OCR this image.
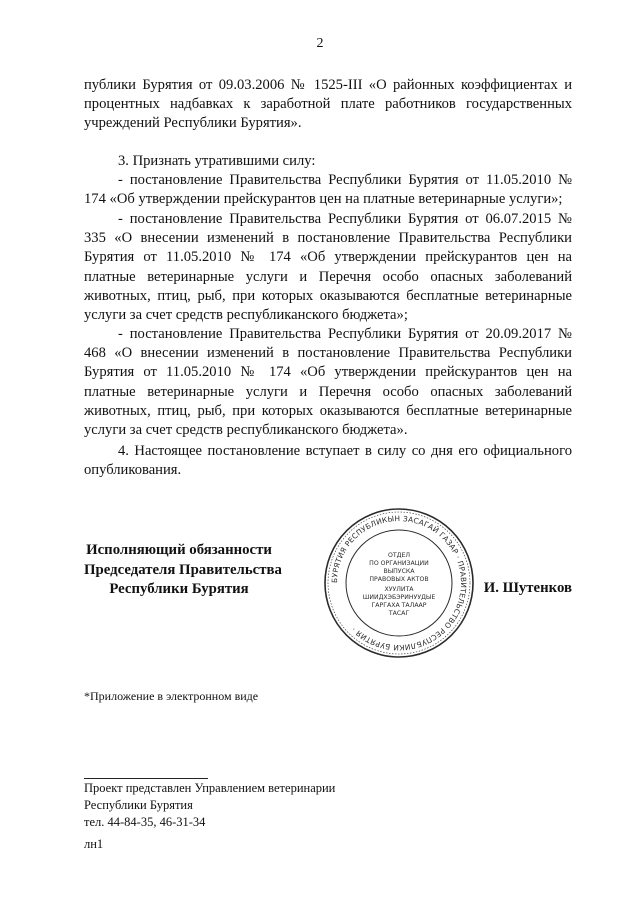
2

публики Бурятия от 09.03.2006 № 1525-III «О районных коэффициентах и процентных надбавках к заработной плате работников государственных учреждений Республики Бурятия».

3. Признать утратившими силу:

- постановление Правительства Республики Бурятия от 11.05.2010 № 174 «Об утверждении прейскурантов цен на платные ветеринарные услуги»;

- постановление Правительства Республики Бурятия от 06.07.2015 № 335 «О внесении изменений в постановление Правительства Республики Бурятия от 11.05.2010 № 174 «Об утверждении прейскурантов цен на платные ветеринарные услуги и Перечня особо опасных заболеваний животных, птиц, рыб, при которых оказываются бесплатные ветеринарные услуги за счет средств республиканского бюджета»;

- постановление Правительства Республики Бурятия от 20.09.2017 № 468 «О внесении изменений в постановление Правительства Республики Бурятия от 11.05.2010 № 174 «Об утверждении прейскурантов цен на платные ветеринарные услуги и Перечня особо опасных заболеваний животных, птиц, рыб, при которых оказываются бесплатные ветеринарные услуги за счет средств республиканского бюджета».

4. Настоящее постановление вступает в силу со дня его официального опубликования.

Исполняющий обязанности
Председателя Правительства
Республики Бурятия
БУРЯТИЯ РЕСПУБЛИКЫН ЗАСАГАЙ ГАЗАР · ПРАВИТЕЛЬСТВО РЕСПУБЛИКИ БУРЯТИЯ ·
ОТДЕЛ
ПО ОРГАНИЗАЦИИ
ВЫПУСКА
ПРАВОВЫХ АКТОВ
ХУУЛИТА
ШИИДХЭБЭРИНУУДЫЕ
ГАРГАХА ТАЛААР
ТАСАГ
И. Шутенков
*Приложение в электронном виде
Проект представлен Управлением ветеринарии
Республики Бурятия
тел. 44-84-35, 46-31-34
лн1
